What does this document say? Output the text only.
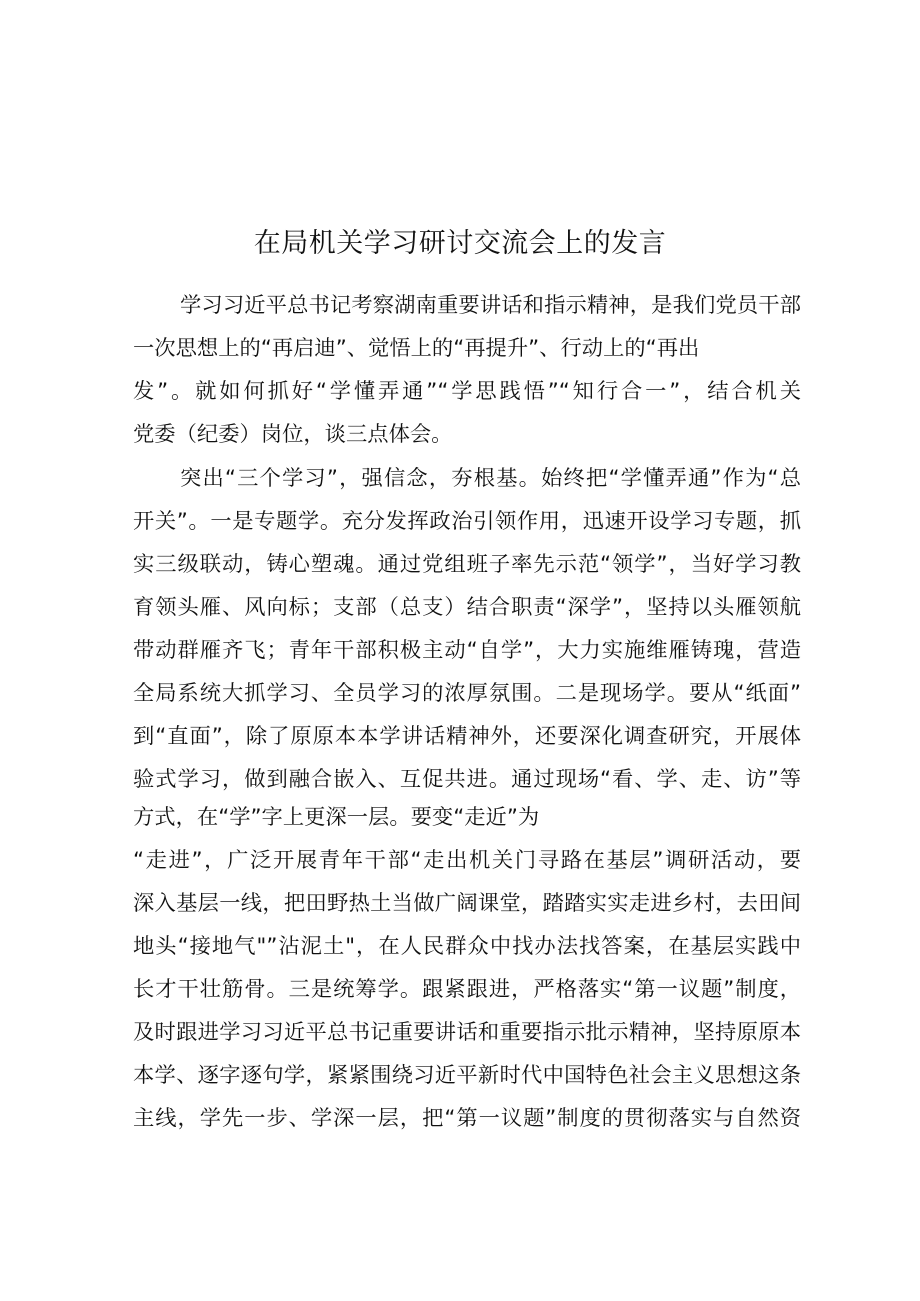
在局机关学习研讨交流会上的发言

学习习近平总书记考察湖南重要讲话和指示精神，是我们党员干部

一次思想上的“再启迪”、觉悟上的“再提升”、行动上的“再出

发”。就如何抓好“学懂弄通”“学思践悟”“知行合一”，结合机关

党委（纪委）岗位，谈三点体会。

突出“三个学习”，强信念，夯根基。始终把“学懂弄通”作为“总

开关”。一是专题学。充分发挥政治引领作用，迅速开设学习专题，抓

实三级联动，铸心塑魂。通过党组班子率先示范“领学”，当好学习教

育领头雁、风向标；支部（总支）结合职责“深学”，坚持以头雁领航

带动群雁齐飞；青年干部积极主动“自学”，大力实施维雁铸瑰，营造

全局系统大抓学习、全员学习的浓厚氛围。二是现场学。要从“纸面”

到“直面”，除了原原本本学讲话精神外，还要深化调查研究，开展体

验式学习，做到融合嵌入、互促共进。通过现场“看、学、走、访”等

方式，在“学”字上更深一层。要变“走近”为

“走进”，广泛开展青年干部“走出机关门寻路在基层”调研活动，要

深入基层一线，把田野热土当做广阔课堂，踏踏实实走进乡村，去田间

地头“接地气"”沾泥土"，在人民群众中找办法找答案，在基层实践中

长才干壮筋骨。三是统筹学。跟紧跟进，严格落实“第一议题”制度，

及时跟进学习习近平总书记重要讲话和重要指示批示精神，坚持原原本

本学、逐字逐句学，紧紧围绕习近平新时代中国特色社会主义思想这条

主线，学先一步、学深一层，把“第一议题”制度的贯彻落实与自然资
